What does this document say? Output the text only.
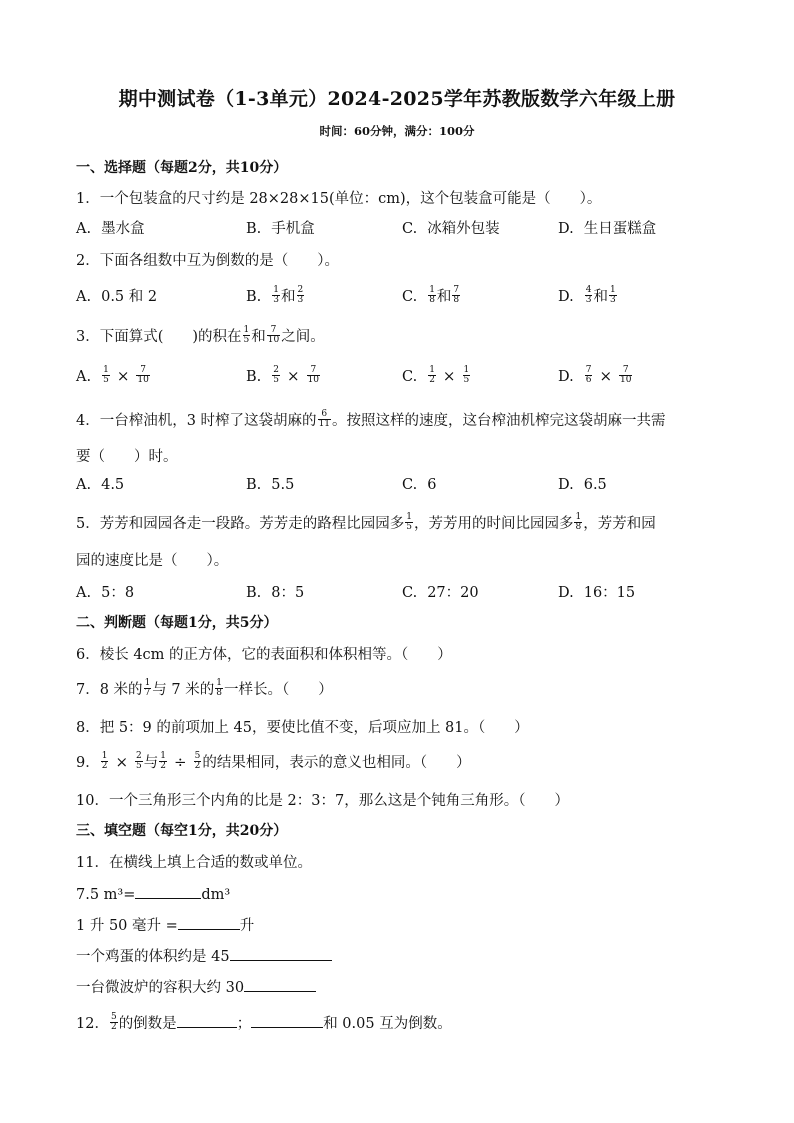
期中测试卷（1-3单元）2024-2025学年苏教版数学六年级上册
时间：60分钟，满分：100分
一、选择题（每题2分，共10分）
1．一个包装盒的尺寸约是 28×28×15(单位：cm)，这个包装盒可能是（　　）。
A. 墨水盒	B. 手机盒	C. 冰箱外包装	D. 生日蛋糕盒
2．下面各组数中互为倒数的是（　　）。
A. 0.5 和 2	B. $\frac{1}{3}$ 和 $\frac{2}{3}$	C. $\frac{1}{8}$ 和 $\frac{7}{8}$	D. $\frac{4}{3}$ 和 $\frac{1}{3}$
3．下面算式(　　)的积在 $\frac{1}{5}$ 和 $\frac{7}{10}$ 之间。
A. $\frac{1}{5} \times \frac{7}{10}$	B. $\frac{2}{5} \times \frac{7}{10}$	C. $\frac{1}{2} \times \frac{1}{5}$	D. $\frac{7}{6} \times \frac{7}{10}$
4．一台榨油机，3 时榨了这袋胡麻的 $\frac{6}{11}$ 。按照这样的速度，这台榨油机榨完这袋胡麻一共需
要（　　）时。
A. 4.5	B. 5.5	C. 6	D. 6.5
5．芳芳和园园各走一段路。芳芳走的路程比园园多 $\frac{1}{5}$ ，芳芳用的时间比园园多 $\frac{1}{8}$ ，芳芳和园
园的速度比是（　　）。
A. 5：8	B. 8：5	C. 27：20	D. 16：15
二、判断题（每题1分，共5分）
6．棱长 4cm 的正方体，它的表面积和体积相等。（　　）
7．8 米的 $\frac{1}{7}$ 与 7 米的 $\frac{1}{8}$ 一样长。（　　）
8．把 5：9 的前项加上 45，要使比值不变，后项应加上 81。（　　）
9． $\frac{1}{2} \times \frac{2}{5}$ 与 $\frac{1}{2} \div \frac{5}{2}$ 的结果相同，表示的意义也相同。（　　）
10．一个三角形三个内角的比是 2：3：7，那么这是个钝角三角形。（　　）
三、填空题（每空1分，共20分）
11．在横线上填上合适的数或单位。
7.5 m³=	dm³
1 升 50 毫升 =	升
一个鸡蛋的体积约是 45
一台微波炉的容积大约 30
12． $\frac{5}{2}$ 的倒数是	；	和 0.05 互为倒数。
